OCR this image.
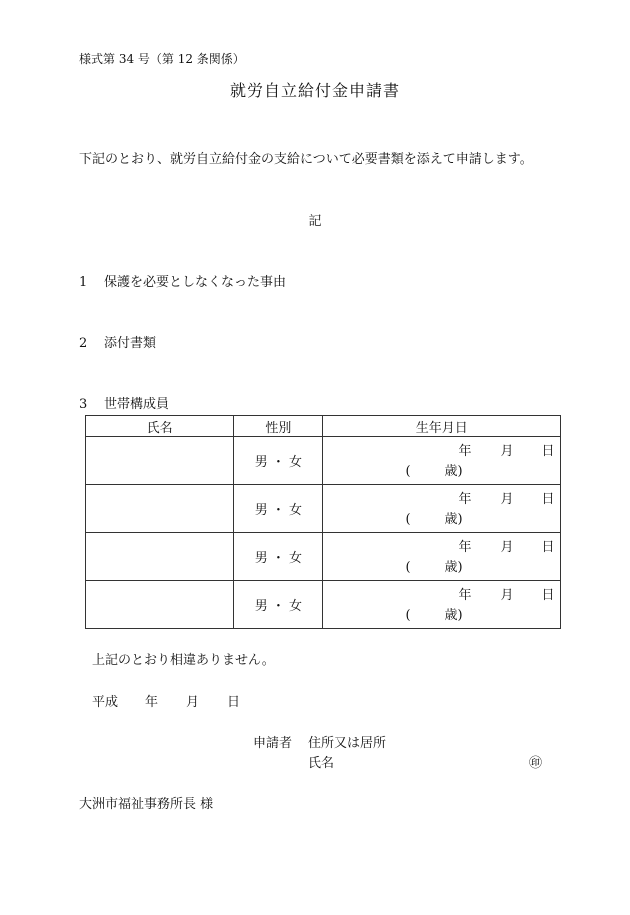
様式第 34 号（第 12 条関係）
就労自立給付金申請書
下記のとおり、就労自立給付金の支給について必要書類を添えて申請します。
記
1 保護を必要としなくなった事由
2 添付書類
3 世帯構成員
氏名	性別	生年月日
	男 ・ 女	年 月 日
( 歳)

	男 ・ 女	年 月 日
( 歳)

	男 ・ 女	年 月 日
( 歳)

	男 ・ 女	年 月 日
( 歳)
上記のとおり相違ありません。
平成 年 月 日
申請者 住所又は居所
氏名	㊞
大洲市福祉事務所長 様
